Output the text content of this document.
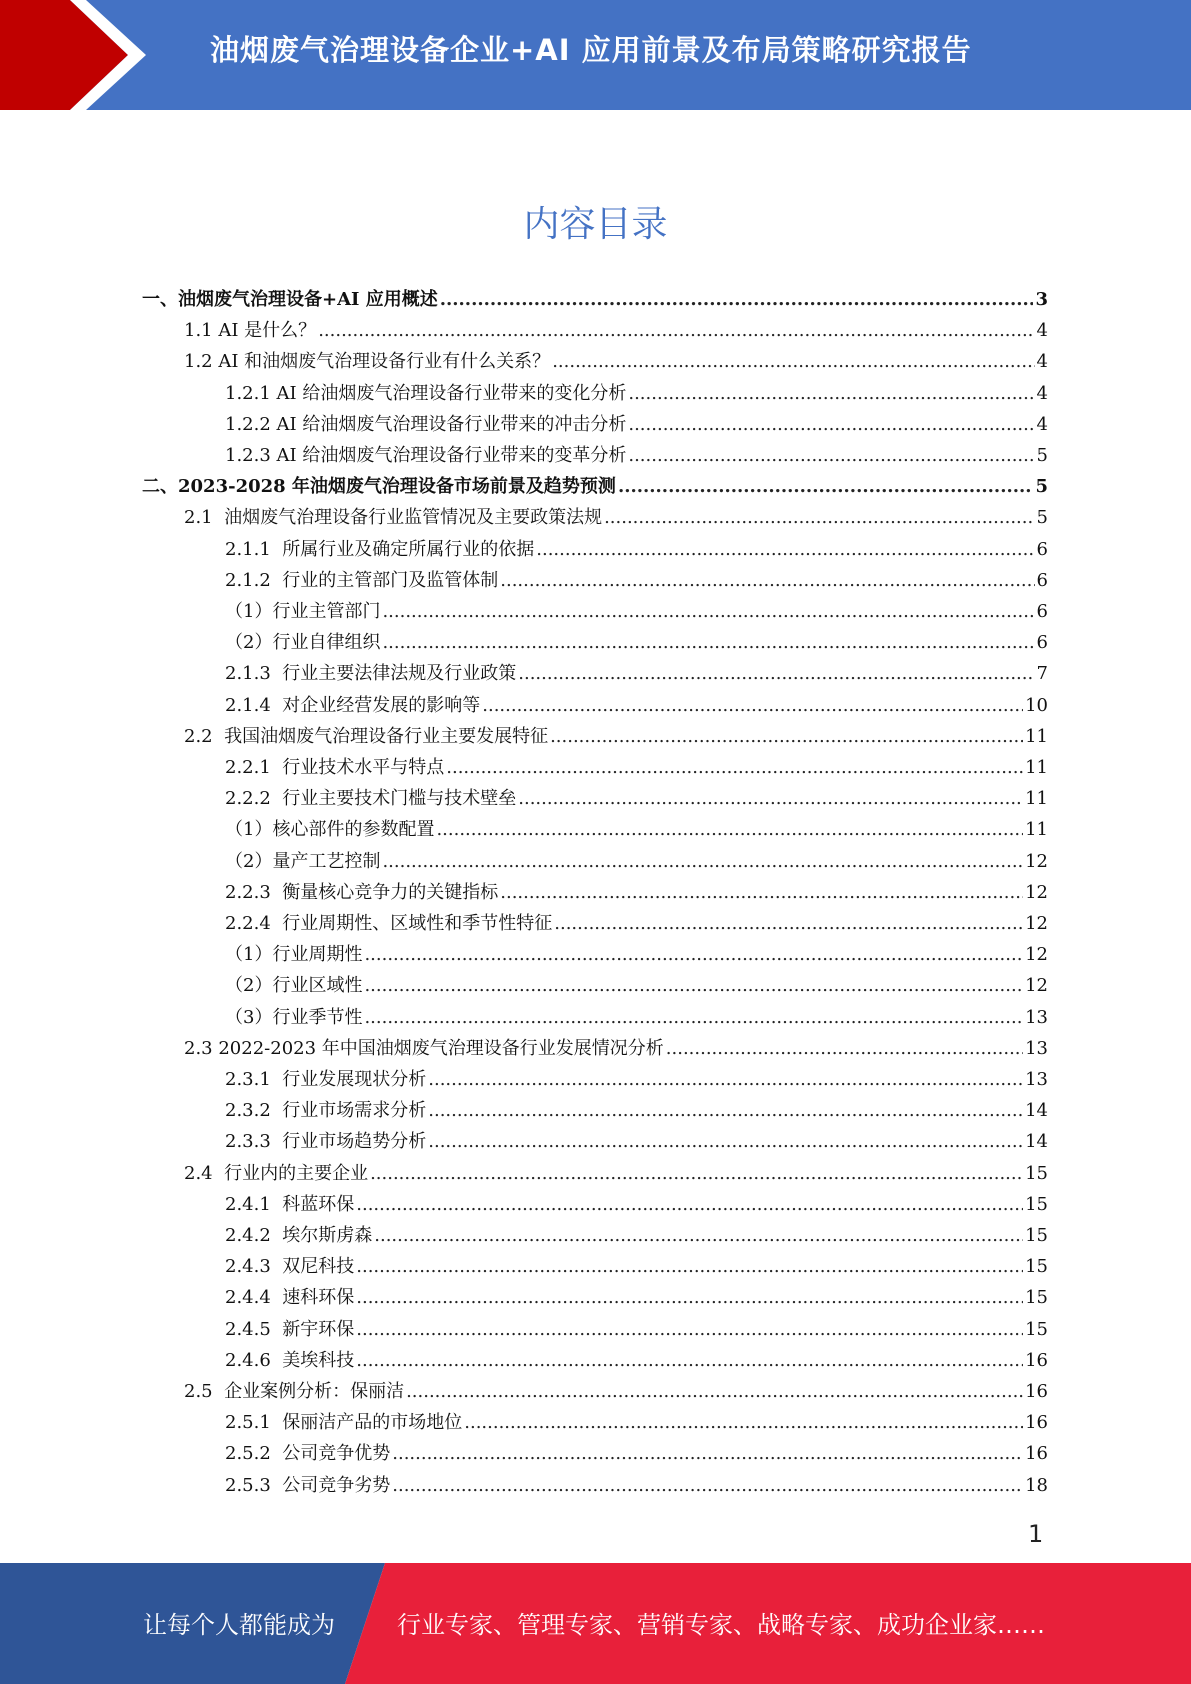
油烟废气治理设备企业+AI 应用前景及布局策略研究报告
内容目录
一、油烟废气治理设备+AI 应用概述 .....	3
1.1 AI 是什么？ .....	4
1.2 AI 和油烟废气治理设备行业有什么关系？ .....	4
1.2.1 AI 给油烟废气治理设备行业带来的变化分析 .....	4
1.2.2 AI 给油烟废气治理设备行业带来的冲击分析 .....	4
1.2.3 AI 给油烟废气治理设备行业带来的变革分析 .....	5
二、2023-2028 年油烟废气治理设备市场前景及趋势预测 .....	5
2.1  油烟废气治理设备行业监管情况及主要政策法规 .....	5
2.1.1  所属行业及确定所属行业的依据 .....	6
2.1.2  行业的主管部门及监管体制 .....	6
（1）行业主管部门 .....	6
（2）行业自律组织 .....	6
2.1.3  行业主要法律法规及行业政策 .....	7
2.1.4  对企业经营发展的影响等 .....	10
2.2  我国油烟废气治理设备行业主要发展特征 .....	11
2.2.1  行业技术水平与特点 .....	11
2.2.2  行业主要技术门槛与技术壁垒 .....	11
（1）核心部件的参数配置 .....	11
（2）量产工艺控制 .....	12
2.2.3  衡量核心竞争力的关键指标 .....	12
2.2.4  行业周期性、区域性和季节性特征 .....	12
（1）行业周期性 .....	12
（2）行业区域性 .....	12
（3）行业季节性 .....	13
2.3 2022-2023 年中国油烟废气治理设备行业发展情况分析 .....	13
2.3.1  行业发展现状分析 .....	13
2.3.2  行业市场需求分析 .....	14
2.3.3  行业市场趋势分析 .....	14
2.4  行业内的主要企业 .....	15
2.4.1  科蓝环保 .....	15
2.4.2  埃尔斯虏森 .....	15
2.4.3  双尼科技 .....	15
2.4.4  速科环保 .....	15
2.4.5  新宇环保 .....	15
2.4.6  美埃科技 .....	16
2.5  企业案例分析：保丽洁 .....	16
2.5.1  保丽洁产品的市场地位 .....	16
2.5.2  公司竞争优势 .....	16
2.5.3  公司竞争劣势 .....	18
1
让每个人都能成为	行业专家、管理专家、营销专家、战略专家、成功企业家……
